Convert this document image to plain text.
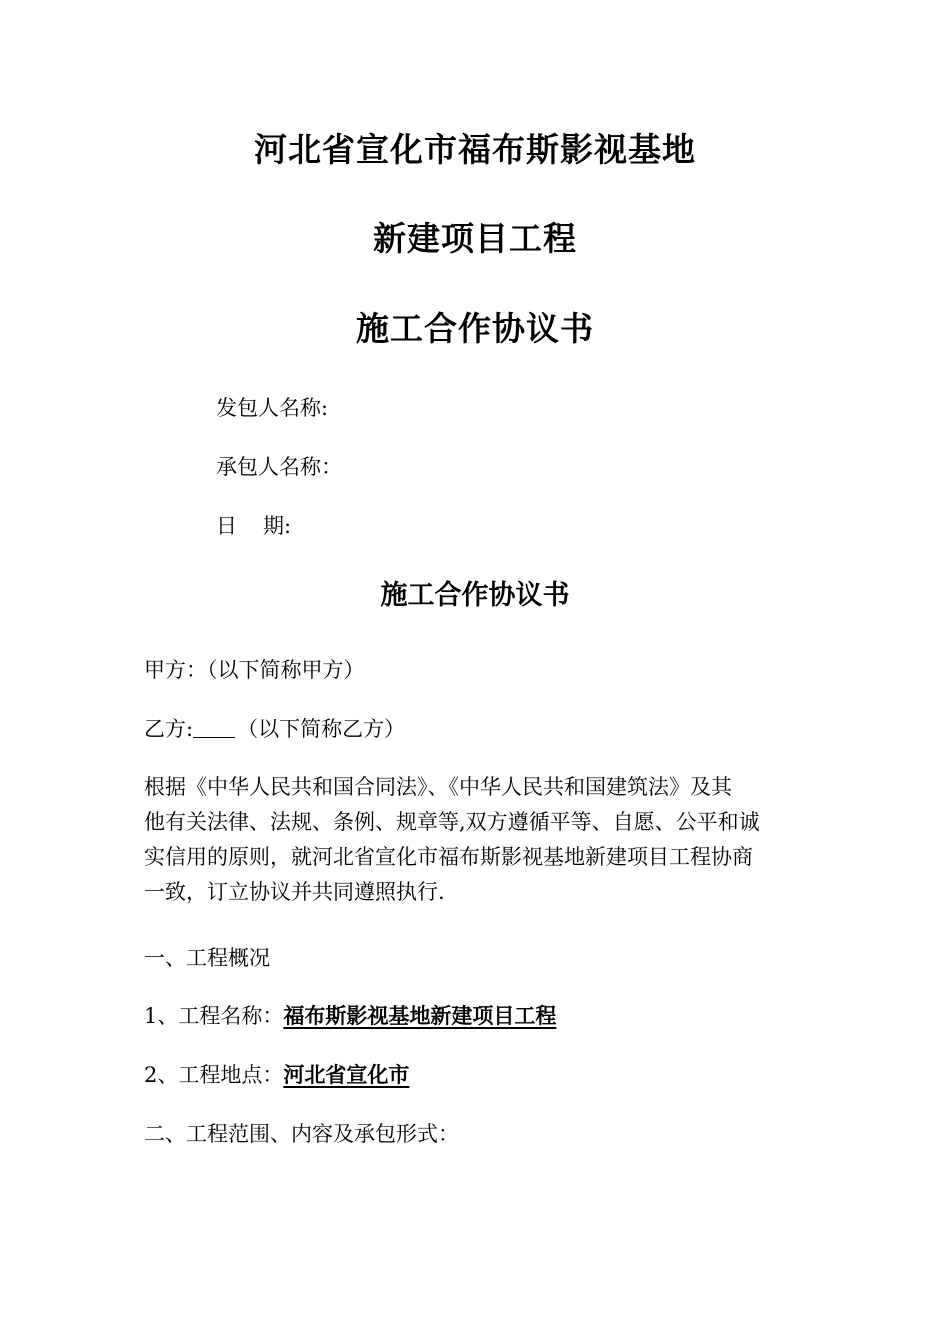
河北省宣化市福布斯影视基地
新建项目工程
施工合作协议书
发包人名称:
承包人名称：
日 期:
施工合作协议书
甲方：（以下简称甲方）
乙方: （以下简称乙方）
根据《中华人民共和国合同法》、《中华人民共和国建筑法》及其
他有关法律、法规、条例、规章等,双方遵循平等、自愿、公平和诚
实信用的原则，就河北省宣化市福布斯影视基地新建项目工程协商
一致，订立协议并共同遵照执行.
一、工程概况
1、工程名称：福布斯影视基地新建项目工程
2、工程地点：河北省宣化市
二、工程范围、内容及承包形式：
